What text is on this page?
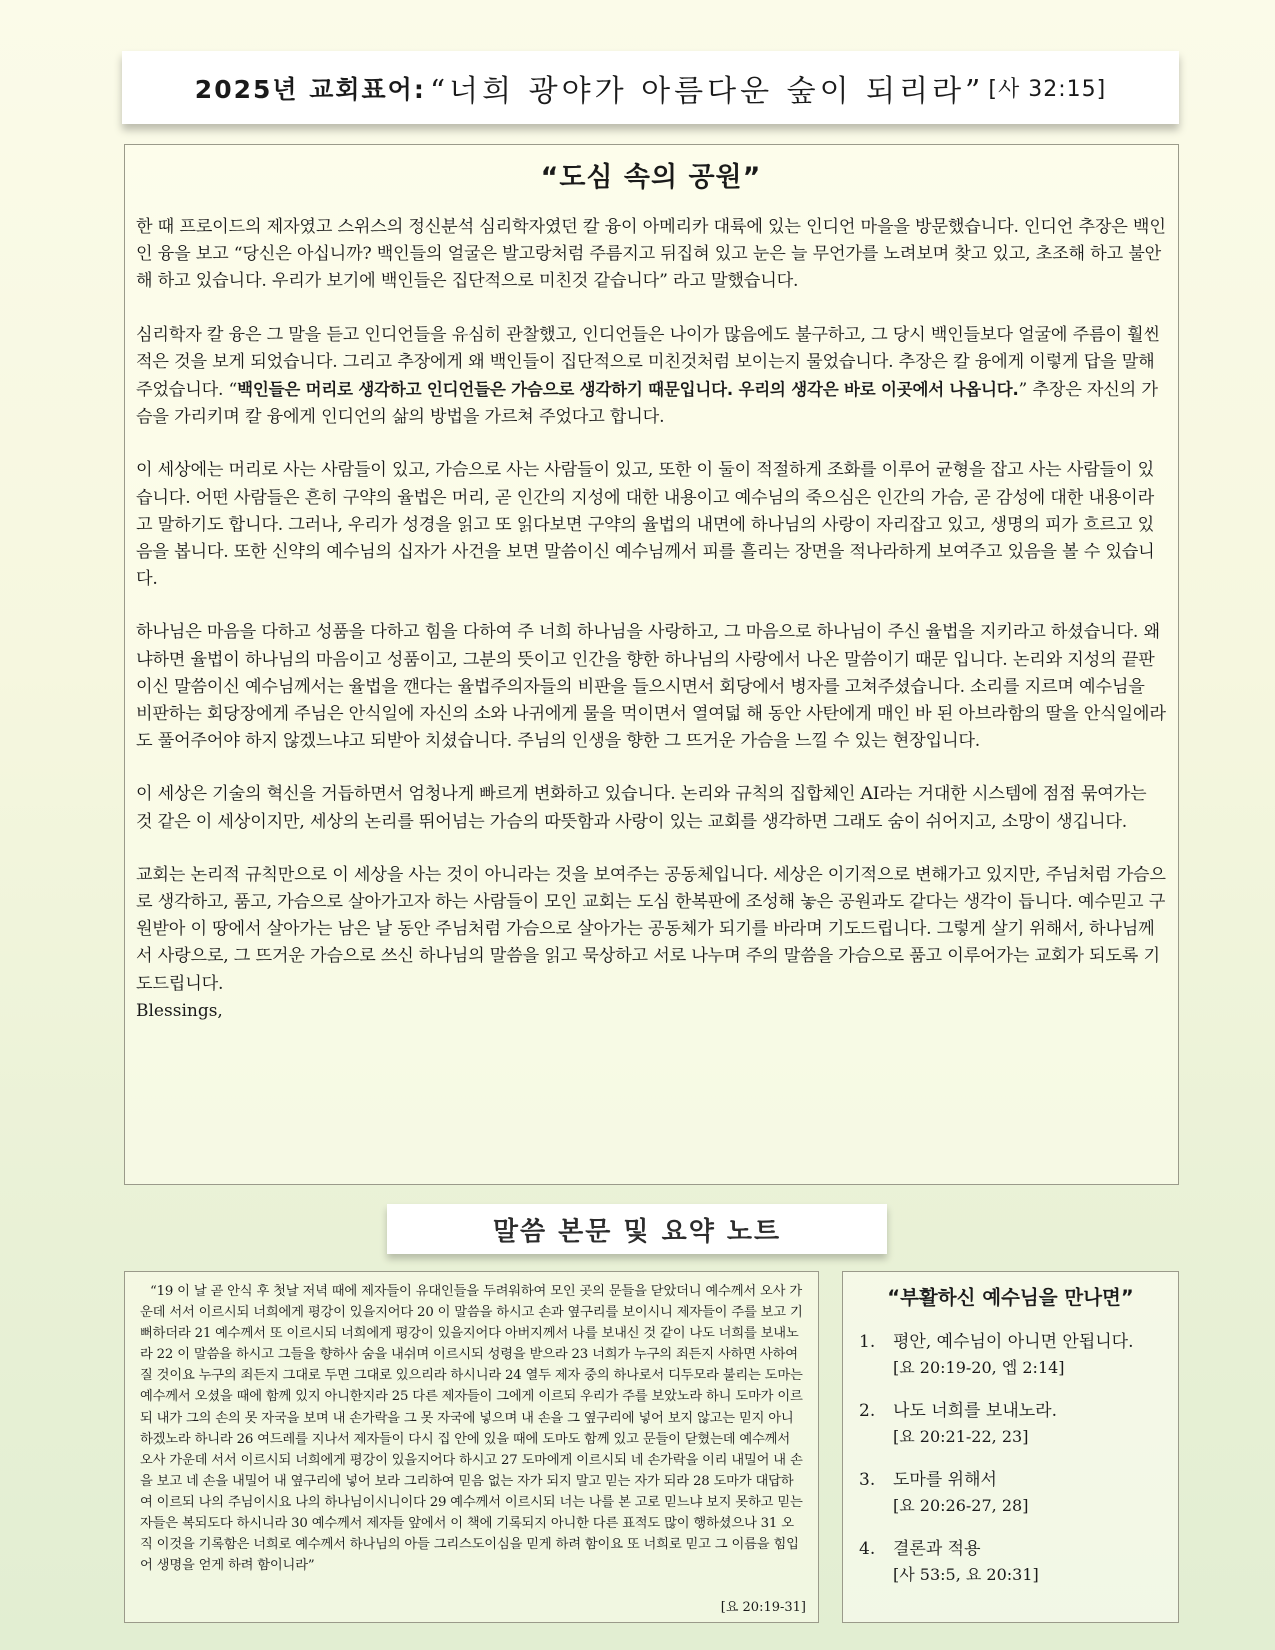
2025년 교회표어: “너희 광야가 아름다운 숲이 되리라” [사 32:15]
“도심 속의 공원”

한 때 프로이드의 제자였고 스위스의 정신분석 심리학자였던 칼 융이 아메리카 대륙에 있는 인디언 마을을 방문했습니다. 인디언 추장은 백인인 융을 보고 “당신은 아십니까? 백인들의 얼굴은 발고랑처럼 주름지고 뒤집혀 있고 눈은 늘 무언가를 노려보며 찾고 있고, 초조해 하고 불안해 하고 있습니다. 우리가 보기에 백인들은 집단적으로 미친것 같습니다” 라고 말했습니다.

심리학자 칼 융은 그 말을 듣고 인디언들을 유심히 관찰했고, 인디언들은 나이가 많음에도 불구하고, 그 당시 백인들보다 얼굴에 주름이 훨씬 적은 것을 보게 되었습니다. 그리고 추장에게 왜 백인들이 집단적으로 미친것처럼 보이는지 물었습니다. 추장은 칼 융에게 이렇게 답을 말해 주었습니다. “백인들은 머리로 생각하고 인디언들은 가슴으로 생각하기 때문입니다. 우리의 생각은 바로 이곳에서 나옵니다.” 추장은 자신의 가슴을 가리키며 칼 융에게 인디언의 삶의 방법을 가르쳐 주었다고 합니다.

이 세상에는 머리로 사는 사람들이 있고, 가슴으로 사는 사람들이 있고, 또한 이 둘이 적절하게 조화를 이루어 균형을 잡고 사는 사람들이 있습니다. 어떤 사람들은 흔히 구약의 율법은 머리, 곧 인간의 지성에 대한 내용이고 예수님의 죽으심은 인간의 가슴, 곧 감성에 대한 내용이라고 말하기도 합니다. 그러나, 우리가 성경을 읽고 또 읽다보면 구약의 율법의 내면에 하나님의 사랑이 자리잡고 있고, 생명의 피가 흐르고 있음을 봅니다. 또한 신약의 예수님의 십자가 사건을 보면 말씀이신 예수님께서 피를 흘리는 장면을 적나라하게 보여주고 있음을 볼 수 있습니다.

하나님은 마음을 다하고 성품을 다하고 힘을 다하여 주 너희 하나님을 사랑하고, 그 마음으로 하나님이 주신 율법을 지키라고 하셨습니다. 왜냐하면 율법이 하나님의 마음이고 성품이고, 그분의 뜻이고 인간을 향한 하나님의 사랑에서 나온 말씀이기 때문 입니다. 논리와 지성의 끝판이신 말씀이신 예수님께서는 율법을 깬다는 율법주의자들의 비판을 들으시면서 회당에서 병자를 고쳐주셨습니다. 소리를 지르며 예수님을 비판하는 회당장에게 주님은 안식일에 자신의 소와 나귀에게 물을 먹이면서 열여덟 해 동안 사탄에게 매인 바 된 아브라함의 딸을 안식일에라도 풀어주어야 하지 않겠느냐고 되받아 치셨습니다. 주님의 인생을 향한 그 뜨거운 가슴을 느낄 수 있는 현장입니다.

이 세상은 기술의 혁신을 거듭하면서 엄청나게 빠르게 변화하고 있습니다. 논리와 규칙의 집합체인 AI라는 거대한 시스템에 점점 묶여가는 것 같은 이 세상이지만, 세상의 논리를 뛰어넘는 가슴의 따뜻함과 사랑이 있는 교회를 생각하면 그래도 숨이 쉬어지고, 소망이 생깁니다.

교회는 논리적 규칙만으로 이 세상을 사는 것이 아니라는 것을 보여주는 공동체입니다. 세상은 이기적으로 변해가고 있지만, 주님처럼 가슴으로 생각하고, 품고, 가슴으로 살아가고자 하는 사람들이 모인 교회는 도심 한복판에 조성해 놓은 공원과도 같다는 생각이 듭니다. 예수믿고 구원받아 이 땅에서 살아가는 남은 날 동안 주님처럼 가슴으로 살아가는 공동체가 되기를 바라며 기도드립니다. 그렇게 살기 위해서, 하나님께서 사랑으로, 그 뜨거운 가슴으로 쓰신 하나님의 말씀을 읽고 묵상하고 서로 나누며 주의 말씀을 가슴으로 품고 이루어가는 교회가 되도록 기도드립니다.

Blessings,

말씀 본문 및 요약 노트

“19 이 날 곧 안식 후 첫날 저녁 때에 제자들이 유대인들을 두려워하여 모인 곳의 문들을 닫았더니 예수께서 오사 가운데 서서 이르시되 너희에게 평강이 있을지어다 20 이 말씀을 하시고 손과 옆구리를 보이시니 제자들이 주를 보고 기뻐하더라 21 예수께서 또 이르시되 너희에게 평강이 있을지어다 아버지께서 나를 보내신 것 같이 나도 너희를 보내노라 22 이 말씀을 하시고 그들을 향하사 숨을 내쉬며 이르시되 성령을 받으라 23 너희가 누구의 죄든지 사하면 사하여질 것이요 누구의 죄든지 그대로 두면 그대로 있으리라 하시니라 24 열두 제자 중의 하나로서 디두모라 불리는 도마는 예수께서 오셨을 때에 함께 있지 아니한지라 25 다른 제자들이 그에게 이르되 우리가 주를 보았노라 하니 도마가 이르되 내가 그의 손의 못 자국을 보며 내 손가락을 그 못 자국에 넣으며 내 손을 그 옆구리에 넣어 보지 않고는 믿지 아니하겠노라 하니라 26 여드레를 지나서 제자들이 다시 집 안에 있을 때에 도마도 함께 있고 문들이 닫혔는데 예수께서 오사 가운데 서서 이르시되 너희에게 평강이 있을지어다 하시고 27 도마에게 이르시되 네 손가락을 이리 내밀어 내 손을 보고 네 손을 내밀어 내 옆구리에 넣어 보라 그리하여 믿음 없는 자가 되지 말고 믿는 자가 되라 28 도마가 대답하여 이르되 나의 주님이시요 나의 하나님이시니이다 29 예수께서 이르시되 너는 나를 본 고로 믿느냐 보지 못하고 믿는 자들은 복되도다 하시니라 30 예수께서 제자들 앞에서 이 책에 기록되지 아니한 다른 표적도 많이 행하셨으나 31 오직 이것을 기록함은 너희로 예수께서 하나님의 아들 그리스도이심을 믿게 하려 함이요 또 너희로 믿고 그 이름을 힘입어 생명을 얻게 하려 함이니라”

[요 20:19-31]
“부활하신 예수님을 만나면”
1.	평안, 예수님이 아니면 안됩니다.
[요 20:19-20, 엡 2:14]
2.	나도 너희를 보내노라.
[요 20:21-22, 23]
3.	도마를 위해서
[요 20:26-27, 28]
4.	결론과 적용
[사 53:5, 요 20:31]
